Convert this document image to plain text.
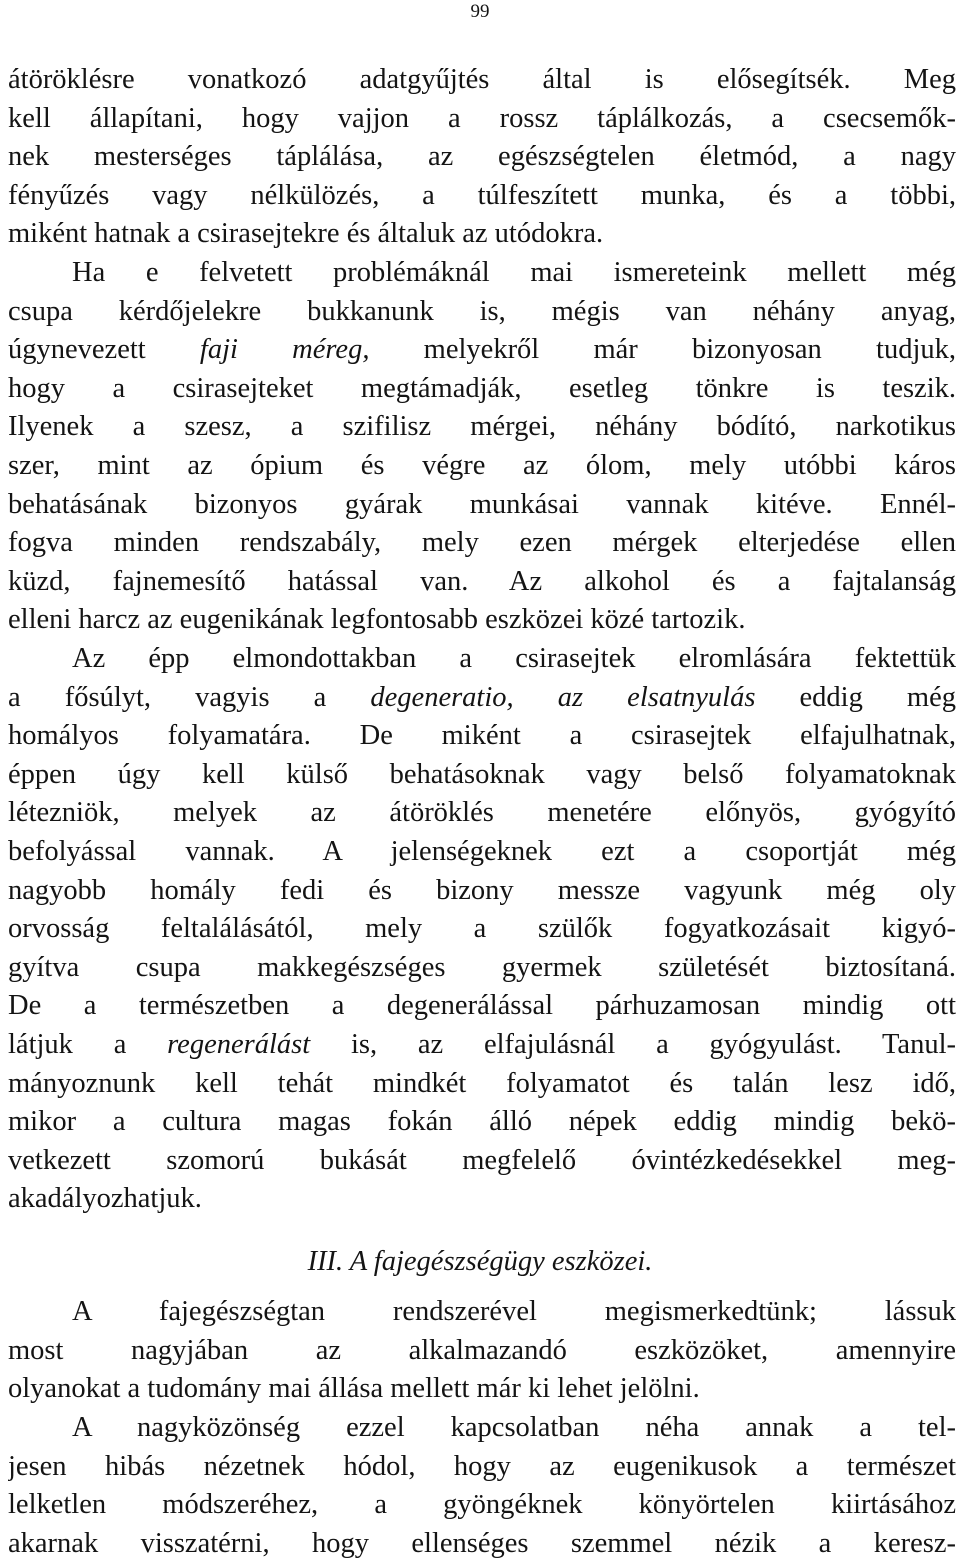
99
átöröklésre vonatkozó adatgyűjtés által is elősegítsék. Meg
kell állapítani, hogy vajjon a rossz táplálkozás, a csecsemők-
nek mesterséges táplálása, az egészségtelen életmód, a nagy
fényűzés vagy nélkülözés, a túlfeszített munka, és a többi,
miként hatnak a csirasejtekre és általuk az utódokra.
Ha e felvetett problémáknál mai ismereteink mellett még
csupa kérdőjelekre bukkanunk is, mégis van néhány anyag,
úgynevezett faji méreg, melyekről már bizonyosan tudjuk,
hogy a csirasejteket megtámadják, esetleg tönkre is teszik.
Ilyenek a szesz, a szifilisz mérgei, néhány bódító, narkotikus
szer, mint az ópium és végre az ólom, mely utóbbi káros
behatásának bizonyos gyárak munkásai vannak kitéve. Ennél-
fogva minden rendszabály, mely ezen mérgek elterjedése ellen
küzd, fajnemesítő hatással van. Az alkohol és a fajtalanság
elleni harcz az eugenikának legfontosabb eszközei közé tartozik.
Az épp elmondottakban a csirasejtek elromlására fektettük
a fősúlyt, vagyis a degeneratio, az elsatnyulás eddig még
homályos folyamatára. De miként a csirasejtek elfajulhatnak,
éppen úgy kell külső behatásoknak vagy belső folyamatoknak
létezniök, melyek az átöröklés menetére előnyös, gyógyító
befolyással vannak. A jelenségeknek ezt a csoportját még
nagyobb homály fedi és bizony messze vagyunk még oly
orvosság feltalálásától, mely a szülők fogyatkozásait kigyó-
gyítva csupa makkegészséges gyermek születését biztosítaná.
De a természetben a degenerálással párhuzamosan mindig ott
látjuk a regenerálást is, az elfajulásnál a gyógyulást. Tanul-
mányoznunk kell tehát mindkét folyamatot és talán lesz idő,
mikor a cultura magas fokán álló népek eddig mindig bekö-
vetkezett szomorú bukását megfelelő óvintézkedésekkel meg-
akadályozhatjuk.
III. A fajegészségügy eszközei.
A fajegészségtan rendszerével megismerkedtünk; lássuk
most nagyjában az alkalmazandó eszközöket, amennyire
olyanokat a tudomány mai állása mellett már ki lehet jelölni.
A nagyközönség ezzel kapcsolatban néha annak a tel-
jesen hibás nézetnek hódol, hogy az eugenikusok a természet
lelketlen módszeréhez, a gyöngéknek könyörtelen kiirtásához
akarnak visszatérni, hogy ellenséges szemmel nézik a keresz-
